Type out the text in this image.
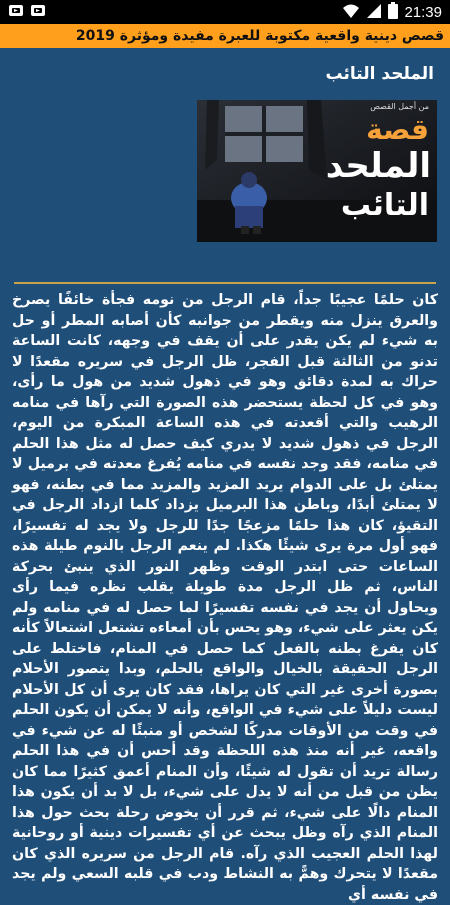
21:39
قصص دينية واقعية مكتوبة للعبرة مفيدة ومؤثرة 2019
الملحد التائب
من أجمل القصص
قصة
الملحد
التائب
كان حلمًا عجيبًا جداً، قام الرجل من نومه فجأة خائفًا يصرخ والعرق ينزل منه ويقطر من جوانبه كأن أصابه المطر أو حل به شيء لم يكن يقدر على أن يقف في وجهه، كانت الساعة تدنو من الثالثة قبل الفجر، ظل الرجل في سريره مقعدًا لا حراك به لمدة دقائق وهو في ذهول شديد من هول ما رأى، وهو في كل لحظة يستحضر هذه الصورة التي رآها في منامه الرهيب والتي أقعدته في هذه الساعة المبكرة من اليوم، الرجل في ذهول شديد لا يدري كيف حصل له مثل هذا الحلم في منامه، فقد وجد نفسه في منامه يُفرغ معدته في برميل لا يمتلئ بل على الدوام يريد المزيد والمزيد مما في بطنه، فهو لا يمتلئ أبدًا، وباطن هذا البرميل يزداد كلما ازداد الرجل في التقيؤ، كان هذا حلمًا مزعجًا جدًا للرجل ولا يجد له تفسيرًا، فهو أول مرة يرى شيئًا هكذا. لم ينعم الرجل بالنوم طيلة هذه الساعات حتى ابتدر الوقت وظهر النور الذي ينبئ بحركة الناس، ثم ظل الرجل مدة طويلة يقلب نظره فيما رأى ويحاول أن يجد في نفسه تفسيرًا لما حصل له في منامه ولم يكن يعثر على شيء، وهو يحس بأن أمعاءه تشتعل اشتعالاً كأنه كان يفرغ بطنه بالفعل كما حصل في المنام، فاختلط على الرجل الحقيقة بالخيال والواقع بالحلم، وبدا يتصور الأحلام بصورة أخرى غير التي كان يراها، فقد كان يرى أن كل الأحلام ليست دليلاً على شيء في الواقع، وأنه لا يمكن أن يكون الحلم في وقت من الأوقات مدركًا لشخص أو منبئًا له عن شيء في واقعه، غير أنه منذ هذه اللحظة وقد أحس أن في هذا الحلم رسالة تريد أن تقول له شيئًا، وأن المنام أعمق كثيرًا مما كان يظن من قبل من أنه لا يدل على شيء، بل لا بد أن يكون هذا المنام دالًا على شيء، ثم قرر أن يخوض رحلة بحث حول هذا المنام الذي رآه وظل يبحث عن أي تفسيرات دينية أو روحانية لهذا الحلم العجيب الذي رآه. قام الرجل من سريره الذي كان مقعدًا لا يتحرك وهمًّ به النشاط ودب في قلبه السعي ولم يجد في نفسه أي
